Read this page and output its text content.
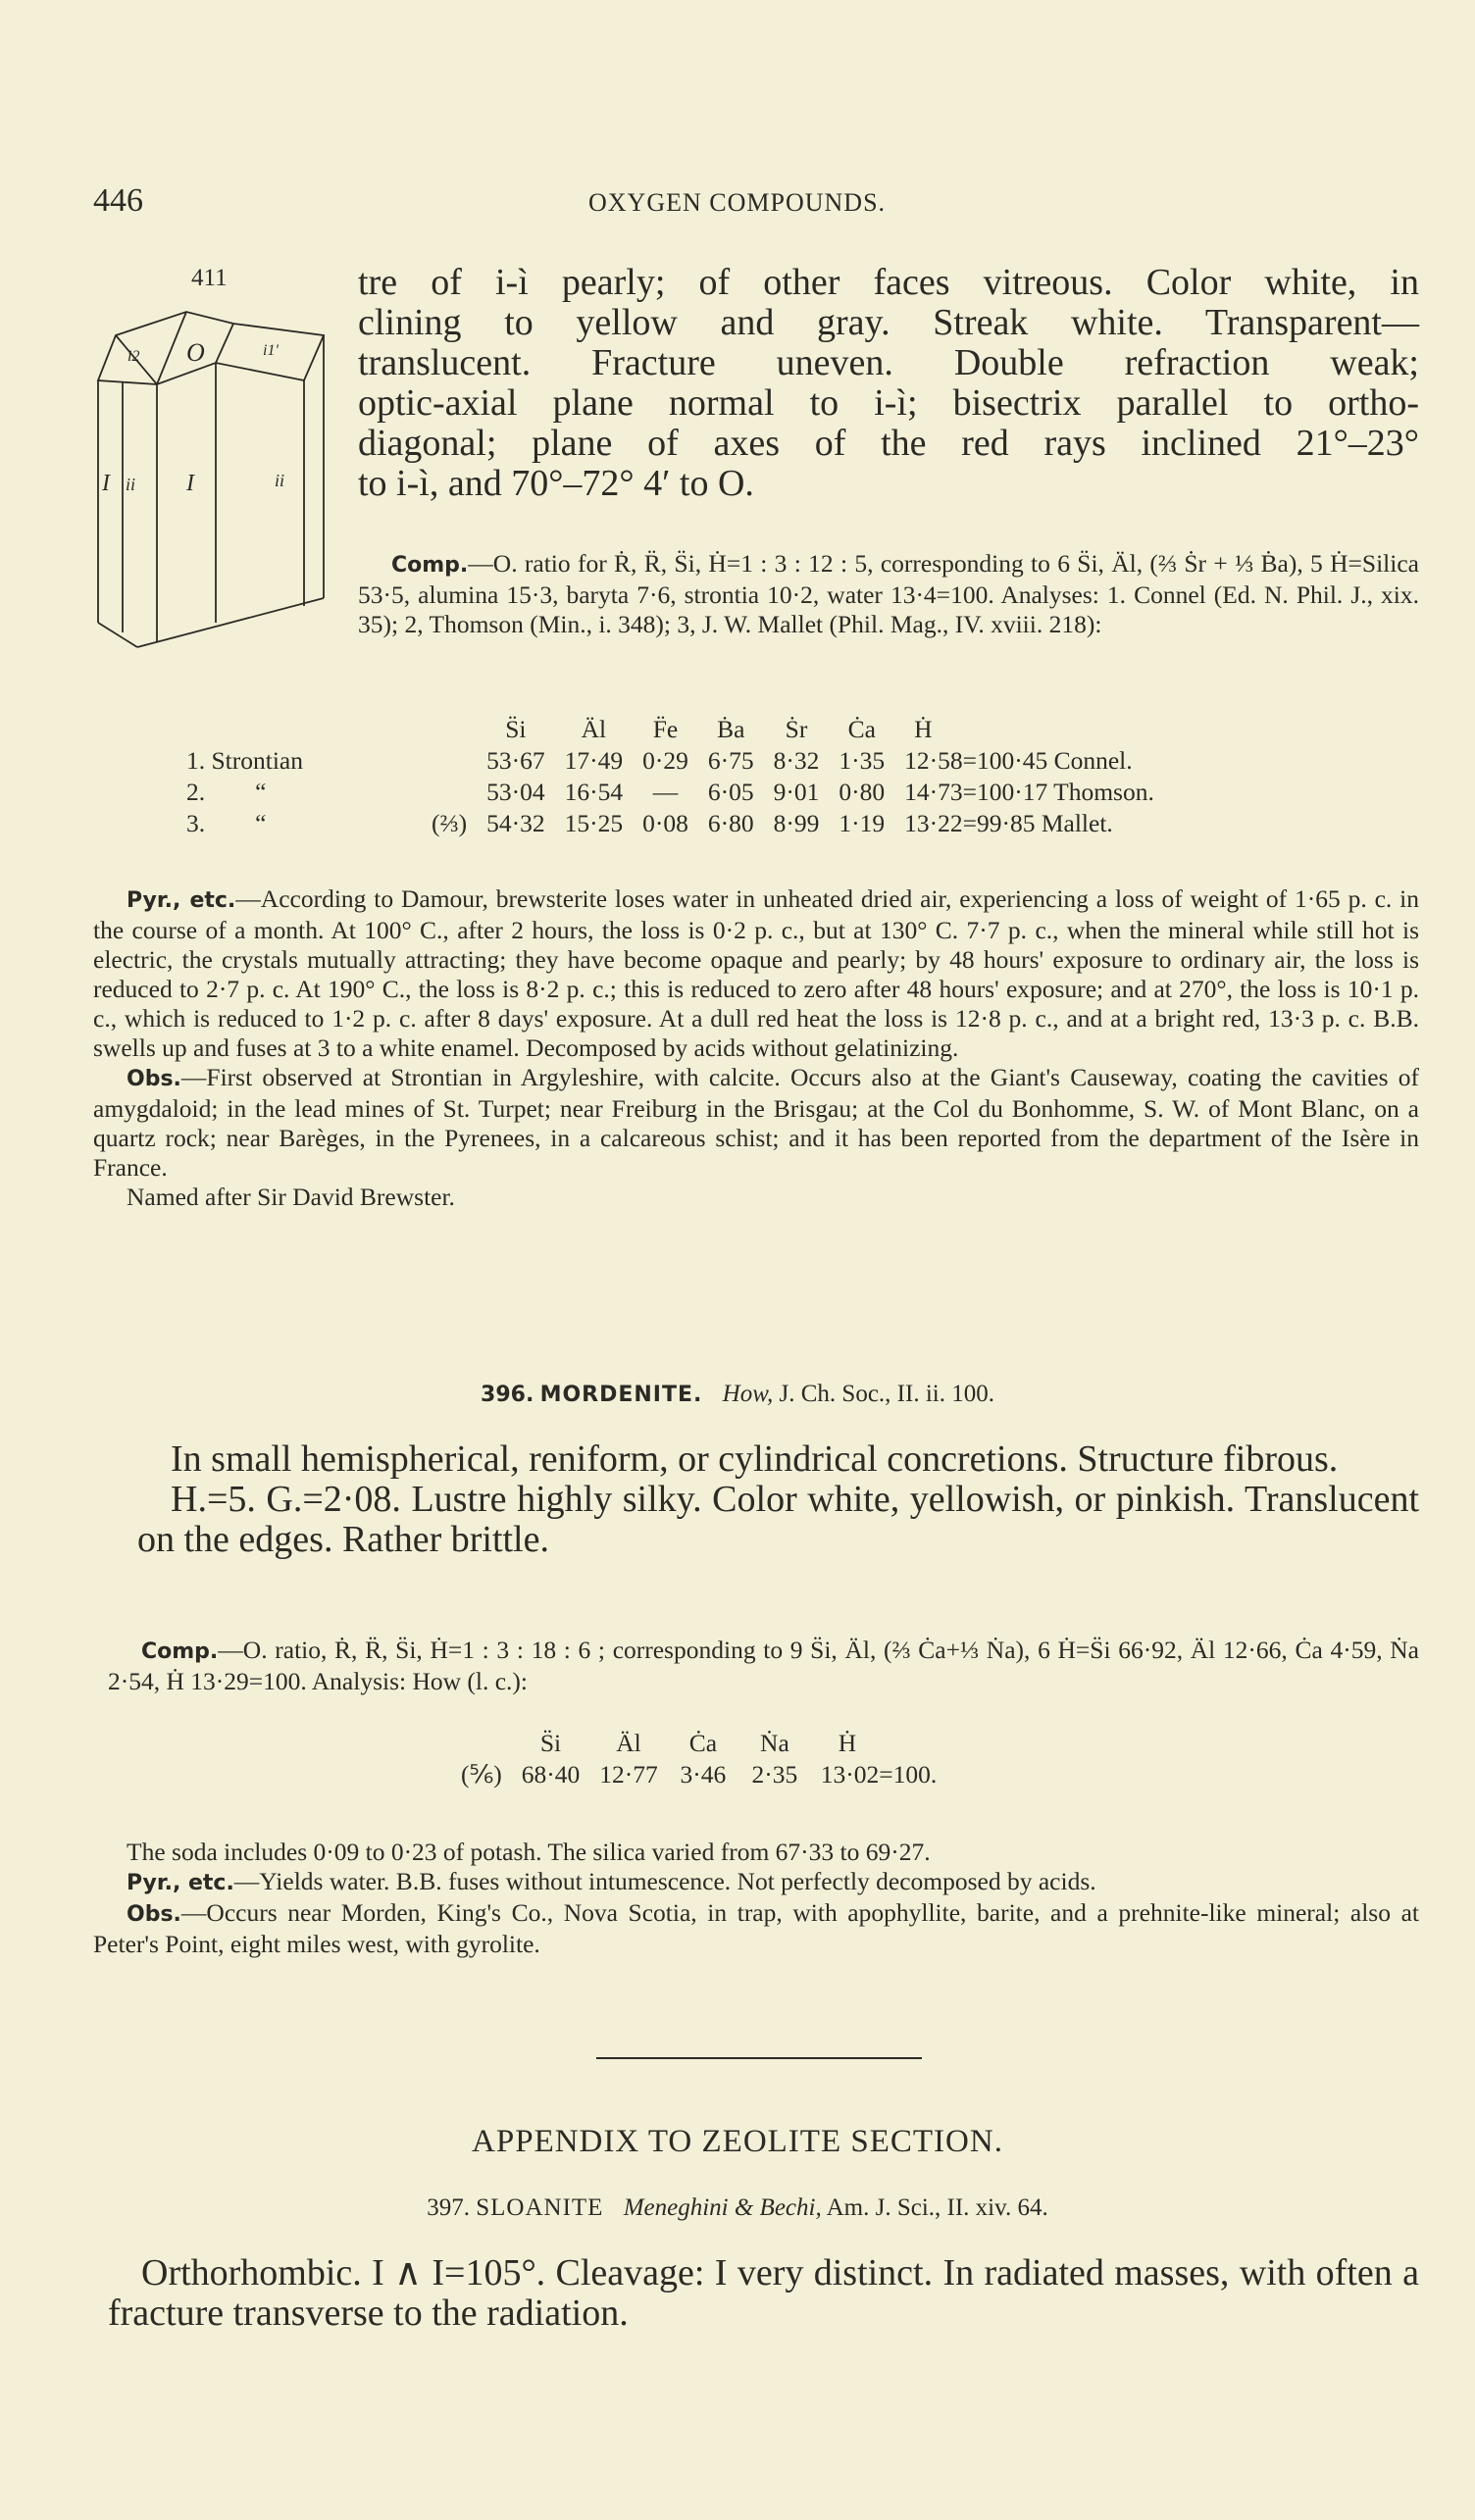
446	OXYGEN COMPOUNDS.
411
i2 O	i1'
I ii I	ii
tre of i-ì pearly; of other faces vitreous. Color white, in
clining to yellow and gray. Streak white. Transparent—
translucent. Fracture uneven. Double refraction weak;
optic-axial plane normal to i-ì; bisectrix parallel to ortho-
diagonal; plane of axes of the red rays inclined 21°–23°
to i-ì, and 70°–72° 4′ to O.

Comp.—O. ratio for Ṙ, R̈, S̈i, Ḣ=1 : 3 : 12 : 5, corresponding to 6 S̈i, Äl, (⅔ Ṡr + ⅓ Ḃa), 5 Ḣ=Silica 53·5, alumina 15·3, baryta 7·6, strontia 10·2, water 13·4=100. Analyses: 1. Connel (Ed. N. Phil. J., xix. 35); 2, Thomson (Min., i. 348); 3, J. W. Mallet (Phil. Mag., IV. xviii. 218):

		S̈i	Äl	F̈e	Ḃa	Ṡr	Ċa	Ḣ
1. Strontian		53·67	17·49	0·29	6·75	8·32	1·35	12·58=100·45 Connel.
2.        “		53·04	16·54	—	6·05	9·01	0·80	14·73=100·17 Thomson.
3.        “	(⅔)	54·32	15·25	0·08	6·80	8·99	1·19	13·22=99·85 Mallet.

Pyr., etc.—According to Damour, brewsterite loses water in unheated dried air, experiencing a loss of weight of 1·65 p. c. in the course of a month. At 100° C., after 2 hours, the loss is 0·2 p. c., but at 130° C. 7·7 p. c., when the mineral while still hot is electric, the crystals mutually attracting; they have become opaque and pearly; by 48 hours' exposure to ordinary air, the loss is reduced to 2·7 p. c. At 190° C., the loss is 8·2 p. c.; this is reduced to zero after 48 hours' exposure; and at 270°, the loss is 10·1 p. c., which is reduced to 1·2 p. c. after 8 days' exposure. At a dull red heat the loss is 12·8 p. c., and at a bright red, 13·3 p. c. B.B. swells up and fuses at 3 to a white enamel. Decomposed by acids without gelatinizing.

Obs.—First observed at Strontian in Argyleshire, with calcite. Occurs also at the Giant's Causeway, coating the cavities of amygdaloid; in the lead mines of St. Turpet; near Freiburg in the Brisgau; at the Col du Bonhomme, S. W. of Mont Blanc, on a quartz rock; near Barèges, in the Pyrenees, in a calcareous schist; and it has been reported from the department of the Isère in France.

Named after Sir David Brewster.

396. MORDENITE. How, J. Ch. Soc., II. ii. 100.

In small hemispherical, reniform, or cylindrical concretions. Structure fibrous.

H.=5. G.=2·08. Lustre highly silky. Color white, yellowish, or pinkish. Translucent on the edges. Rather brittle.

Comp.—O. ratio, Ṙ, R̈, S̈i, Ḣ=1 : 3 : 18 : 6 ; corresponding to 9 S̈i, Äl, (⅔ Ċa+⅓ Ṅa), 6 Ḣ=S̈i 66·92, Äl 12·66, Ċa 4·59, Ṅa 2·54, Ḣ 13·29=100. Analysis: How (l. c.):

	S̈i	Äl	Ċa	Ṅa	Ḣ
(⅚)	68·40	12·77	3·46	2·35	13·02=100.

The soda includes 0·09 to 0·23 of potash. The silica varied from 67·33 to 69·27.

Pyr., etc.—Yields water. B.B. fuses without intumescence. Not perfectly decomposed by acids.

Obs.—Occurs near Morden, King's Co., Nova Scotia, in trap, with apophyllite, barite, and a prehnite-like mineral; also at Peter's Point, eight miles west, with gyrolite.

APPENDIX TO ZEOLITE SECTION.
397. SLOANITE Meneghini & Bechi, Am. J. Sci., II. xiv. 64.

Orthorhombic. I ∧ I=105°. Cleavage: I very distinct. In radiated masses, with often a fracture transverse to the radiation.
